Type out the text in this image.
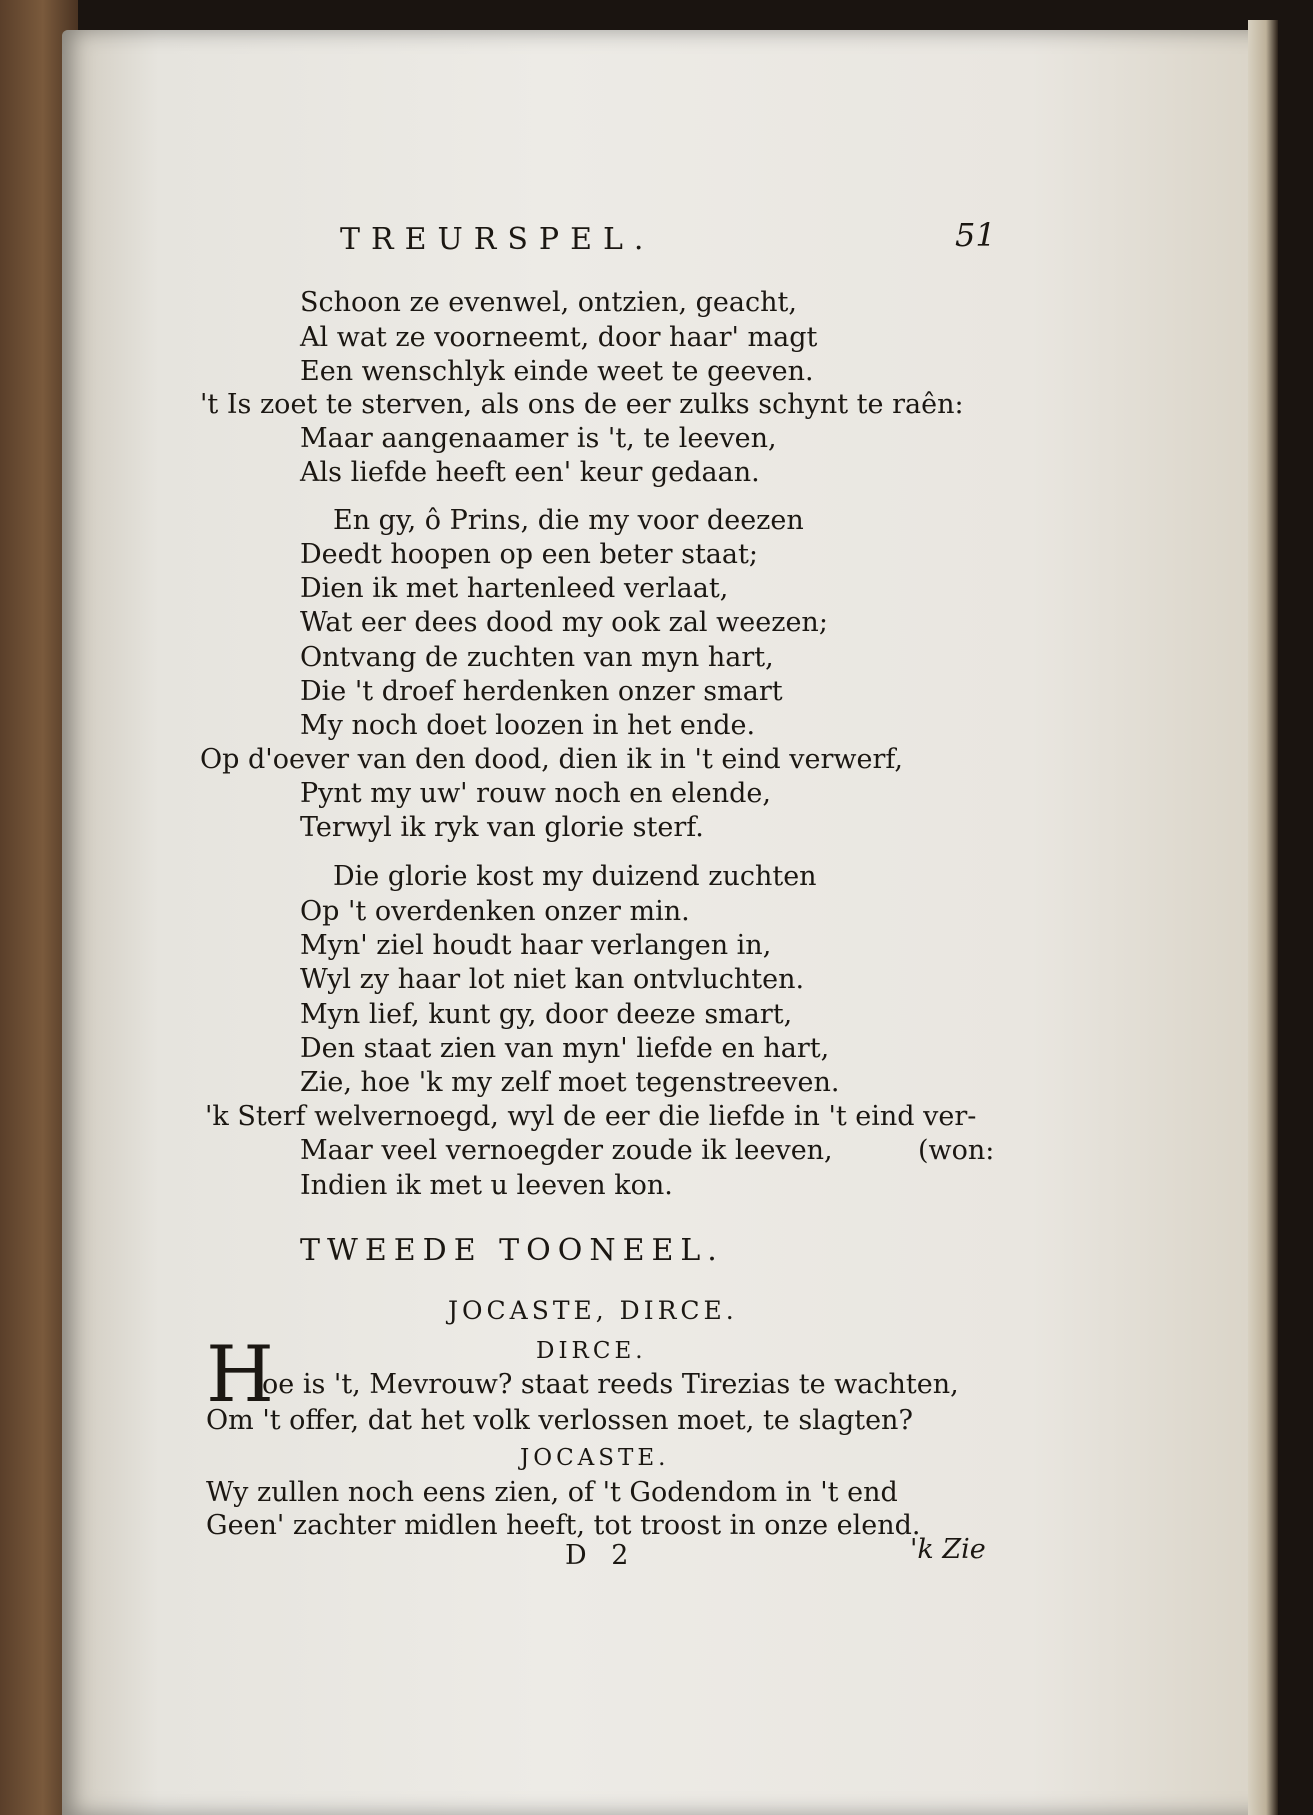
TREURSPEL.	51
Schoon ze evenwel, ontzien, geacht,
Al wat ze voorneemt, door haar' magt
Een wenschlyk einde weet te geeven.
't Is zoet te sterven, als ons de eer zulks schynt te raên:
Maar aangenaamer is 't, te leeven,
Als liefde heeft een' keur gedaan.
En gy, ô Prins, die my voor deezen
Deedt hoopen op een beter staat;
Dien ik met hartenleed verlaat,
Wat eer dees dood my ook zal weezen;
Ontvang de zuchten van myn hart,
Die 't droef herdenken onzer smart
My noch doet loozen in het ende.
Op d'oever van den dood, dien ik in 't eind verwerf,
Pynt my uw' rouw noch en elende,
Terwyl ik ryk van glorie sterf.
Die glorie kost my duizend zuchten
Op 't overdenken onzer min.
Myn' ziel houdt haar verlangen in,
Wyl zy haar lot niet kan ontvluchten.
Myn lief, kunt gy, door deeze smart,
Den staat zien van myn' liefde en hart,
Zie, hoe 'k my zelf moet tegenstreeven.
'k Sterf welvernoegd, wyl de eer die liefde in 't eind ver-
Maar veel vernoegder zoude ik leeven,	(won:
Indien ik met u leeven kon.
TWEEDE TOONEEL.
JOCASTE, DIRCE.
DIRCE.
H
oe is 't, Mevrouw? staat reeds Tirezias te wachten,
Om 't offer, dat het volk verlossen moet, te slagten?
JOCASTE.
Wy zullen noch eens zien, of 't Godendom in 't end
Geen' zachter midlen heeft, tot troost in onze elend.
D 2	'k Zie
